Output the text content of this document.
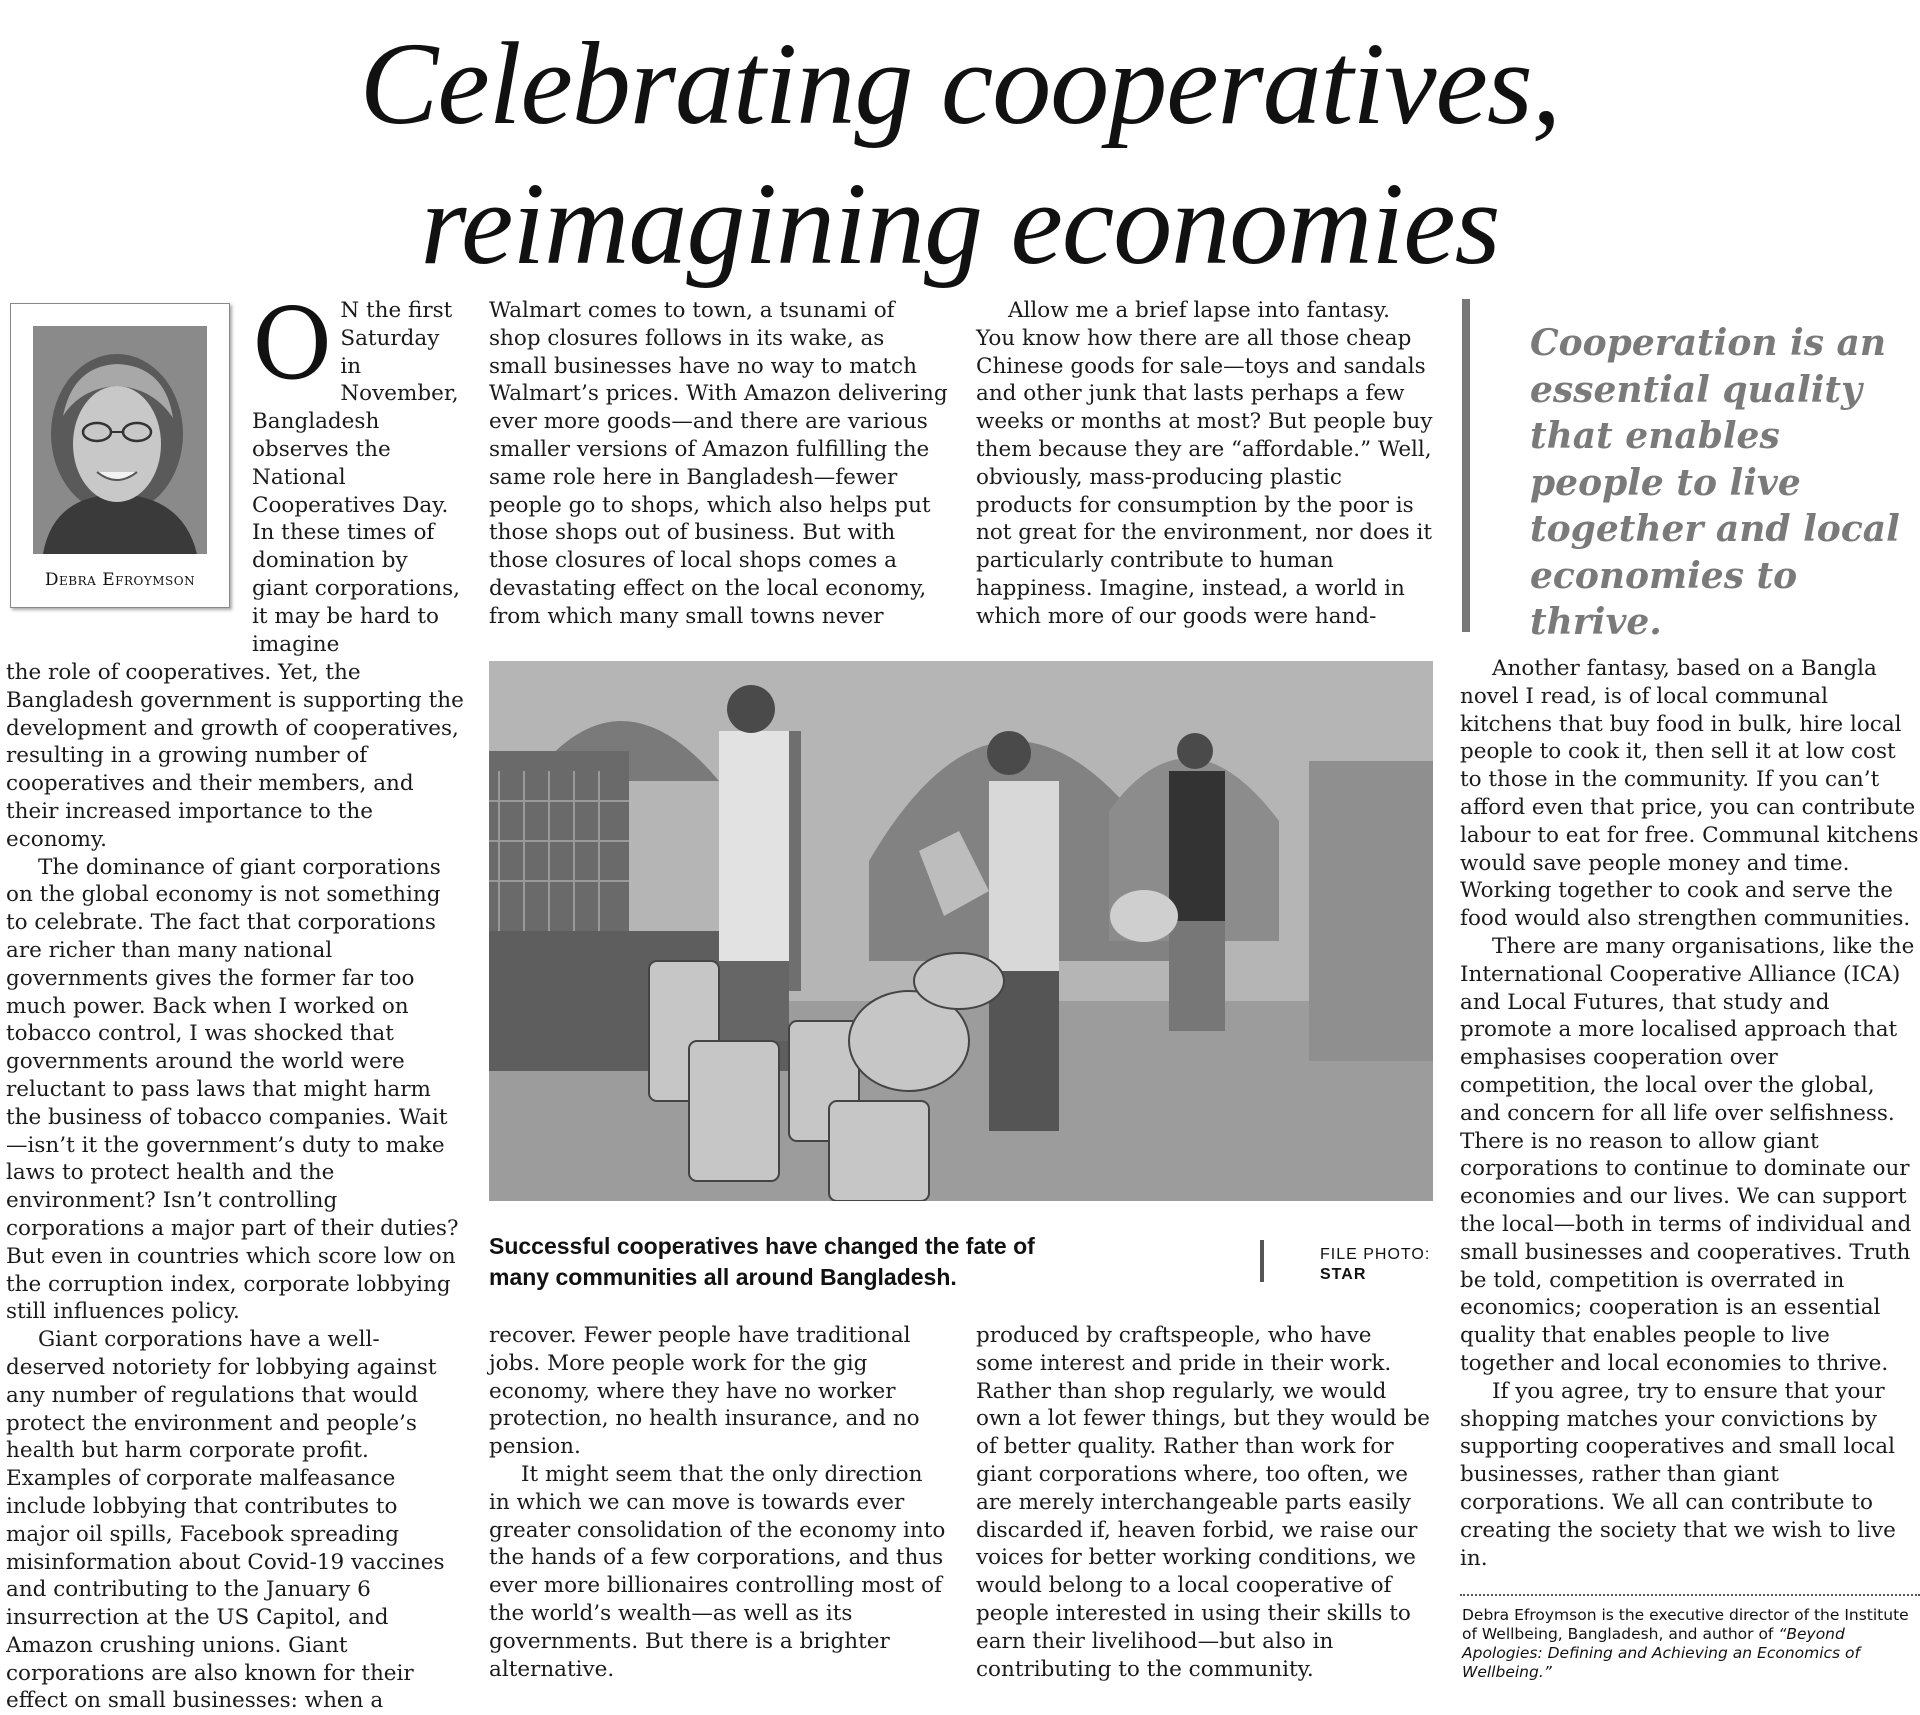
Celebrating cooperatives,
reimagining economies
Debra Efroymson
O N the first Saturday in November, Bangladesh observes the National Cooperatives Day. In these times of domination by giant corporations, it may be hard to imagine

the role of cooperatives. Yet, the Bangladesh government is supporting the development and growth of cooperatives, resulting in a growing number of cooperatives and their members, and their increased importance to the economy.

The dominance of giant corporations on the global economy is not something to celebrate. The fact that corporations are richer than many national governments gives the former far too much power. Back when I worked on tobacco control, I was shocked that governments around the world were reluctant to pass laws that might harm the business of tobacco companies. Wait—isn’t it the government’s duty to make laws to protect health and the environment? Isn’t controlling corporations a major part of their duties? But even in countries which score low on the corruption index, corporate lobbying still influences policy.

Giant corporations have a well-deserved notoriety for lobbying against any number of regulations that would protect the environment and people’s health but harm corporate profit. Examples of corporate malfeasance include lobbying that contributes to major oil spills, Facebook spreading misinformation about Covid-19 vaccines and contributing to the January 6 insurrection at the US Capitol, and Amazon crushing unions. Giant corporations are also known for their effect on small businesses: when a

Walmart comes to town, a tsunami of shop closures follows in its wake, as small businesses have no way to match Walmart’s prices. With Amazon delivering ever more goods—and there are various smaller versions of Amazon fulfilling the same role here in Bangladesh—fewer people go to shops, which also helps put those shops out of business. But with those closures of local shops comes a devastating effect on the local economy, from which many small towns never

Allow me a brief lapse into fantasy. You know how there are all those cheap Chinese goods for sale—toys and sandals and other junk that lasts perhaps a few weeks or months at most? But people buy them because they are “affordable.” Well, obviously, mass-producing plastic products for consumption by the poor is not great for the environment, nor does it particularly contribute to human happiness. Imagine, instead, a world in which more of our goods were hand-

Cooperation is an essential quality that enables people to live together and local economies to thrive.
Successful cooperatives have changed the fate of many communities all around Bangladesh.
FILE PHOTO:
STAR

recover. Fewer people have traditional jobs. More people work for the gig economy, where they have no worker protection, no health insurance, and no pension.

It might seem that the only direction in which we can move is towards ever greater consolidation of the economy into the hands of a few corporations, and thus ever more billionaires controlling most of the world’s wealth—as well as its governments. But there is a brighter alternative.

produced by craftspeople, who have some interest and pride in their work. Rather than shop regularly, we would own a lot fewer things, but they would be of better quality. Rather than work for giant corporations where, too often, we are merely interchangeable parts easily discarded if, heaven forbid, we raise our voices for better working conditions, we would belong to a local cooperative of people interested in using their skills to earn their livelihood—but also in contributing to the community.

Another fantasy, based on a Bangla novel I read, is of local communal kitchens that buy food in bulk, hire local people to cook it, then sell it at low cost to those in the community. If you can’t afford even that price, you can contribute labour to eat for free. Communal kitchens would save people money and time. Working together to cook and serve the food would also strengthen communities.

There are many organisations, like the International Cooperative Alliance (ICA) and Local Futures, that study and promote a more localised approach that emphasises cooperation over competition, the local over the global, and concern for all life over selfishness. There is no reason to allow giant corporations to continue to dominate our economies and our lives. We can support the local—both in terms of individual and small businesses and cooperatives. Truth be told, competition is overrated in economics; cooperation is an essential quality that enables people to live together and local economies to thrive.

If you agree, try to ensure that your shopping matches your convictions by supporting cooperatives and small local businesses, rather than giant corporations. We all can contribute to creating the society that we wish to live in.

Debra Efroymson is the executive director of the Institute of Wellbeing, Bangladesh, and author of “Beyond Apologies: Defining and Achieving an Economics of Wellbeing.”
